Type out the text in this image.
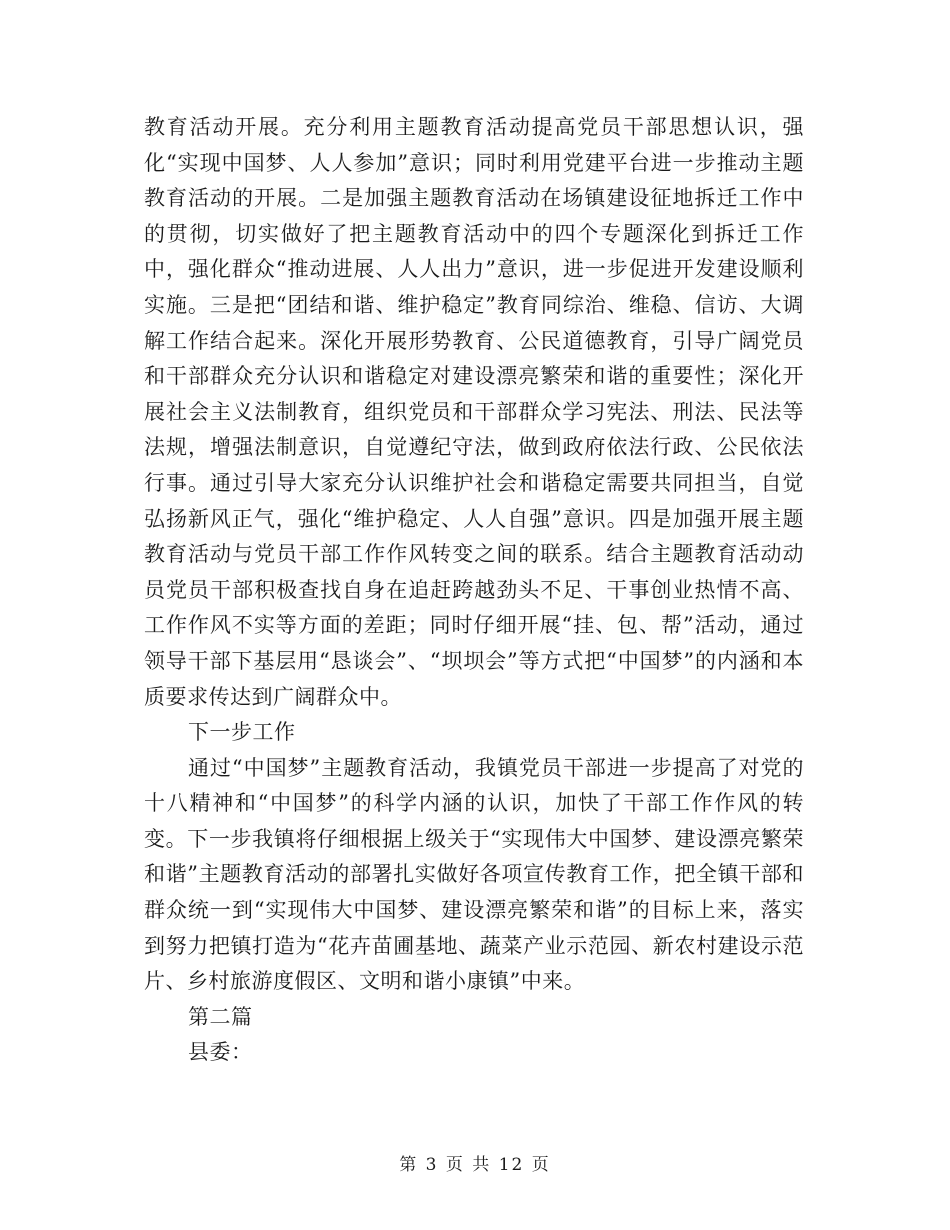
教育活动开展。充分利用主题教育活动提高党员干部思想认识，强化“实现中国梦、人人参加”意识；同时利用党建平台进一步推动主题教育活动的开展。二是加强主题教育活动在场镇建设征地拆迁工作中的贯彻，切实做好了把主题教育活动中的四个专题深化到拆迁工作中，强化群众“推动进展、人人出力”意识，进一步促进开发建设顺利实施。三是把“团结和谐、维护稳定”教育同综治、维稳、信访、大调解工作结合起来。深化开展形势教育、公民道德教育，引导广阔党员和干部群众充分认识和谐稳定对建设漂亮繁荣和谐的重要性；深化开展社会主义法制教育，组织党员和干部群众学习宪法、刑法、民法等法规，增强法制意识，自觉遵纪守法，做到政府依法行政、公民依法行事。通过引导大家充分认识维护社会和谐稳定需要共同担当，自觉弘扬新风正气，强化“维护稳定、人人自强”意识。四是加强开展主题教育活动与党员干部工作作风转变之间的联系。结合主题教育活动动员党员干部积极查找自身在追赶跨越劲头不足、干事创业热情不高、工作作风不实等方面的差距；同时仔细开展“挂、包、帮”活动，通过领导干部下基层用“恳谈会”、“坝坝会”等方式把“中国梦”的内涵和本质要求传达到广阔群众中。

下一步工作

通过“中国梦”主题教育活动，我镇党员干部进一步提高了对党的十八精神和“中国梦”的科学内涵的认识，加快了干部工作作风的转变。下一步我镇将仔细根据上级关于“实现伟大中国梦、建设漂亮繁荣和谐”主题教育活动的部署扎实做好各项宣传教育工作，把全镇干部和群众统一到“实现伟大中国梦、建设漂亮繁荣和谐”的目标上来，落实到努力把镇打造为“花卉苗圃基地、蔬菜产业示范园、新农村建设示范片、乡村旅游度假区、文明和谐小康镇”中来。

第二篇

县委：

第 3 页 共 12 页
